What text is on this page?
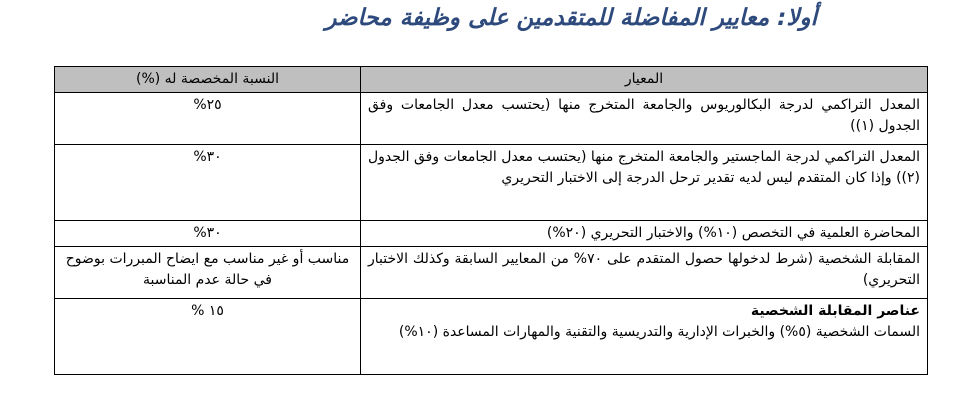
أولا: معايير المفاضلة للمتقدمين على وظيفة محاضر
المعيار	النسبة المخصصة له (%)
المعدل التراكمي لدرجة البكالوريوس والجامعة المتخرج منها (يحتسب معدل الجامعات وفق الجدول (١))	٢٥%
المعدل التراكمي لدرجة الماجستير والجامعة المتخرج منها (يحتسب معدل الجامعات وفق الجدول (٢)) وإذا كان المتقدم ليس لديه تقدير ترحل الدرجة إلى الاختبار التحريري	٣٠%
المحاضرة العلمية في التخصص (١٠%) والاختبار التحريري (٢٠%)	٣٠%
المقابلة الشخصية (شرط لدخولها حصول المتقدم على ٧٠% من المعايير السابقة وكذلك الاختبار التحريري)	مناسب أو غير مناسب مع ايضاح المبررات بوضوح في حالة عدم المناسبة

عناصر المقابلة الشخصية
السمات الشخصية (٥%) والخبرات الإدارية والتدريسية والتقنية والمهارات المساعدة (١٠%)	١٥ %
